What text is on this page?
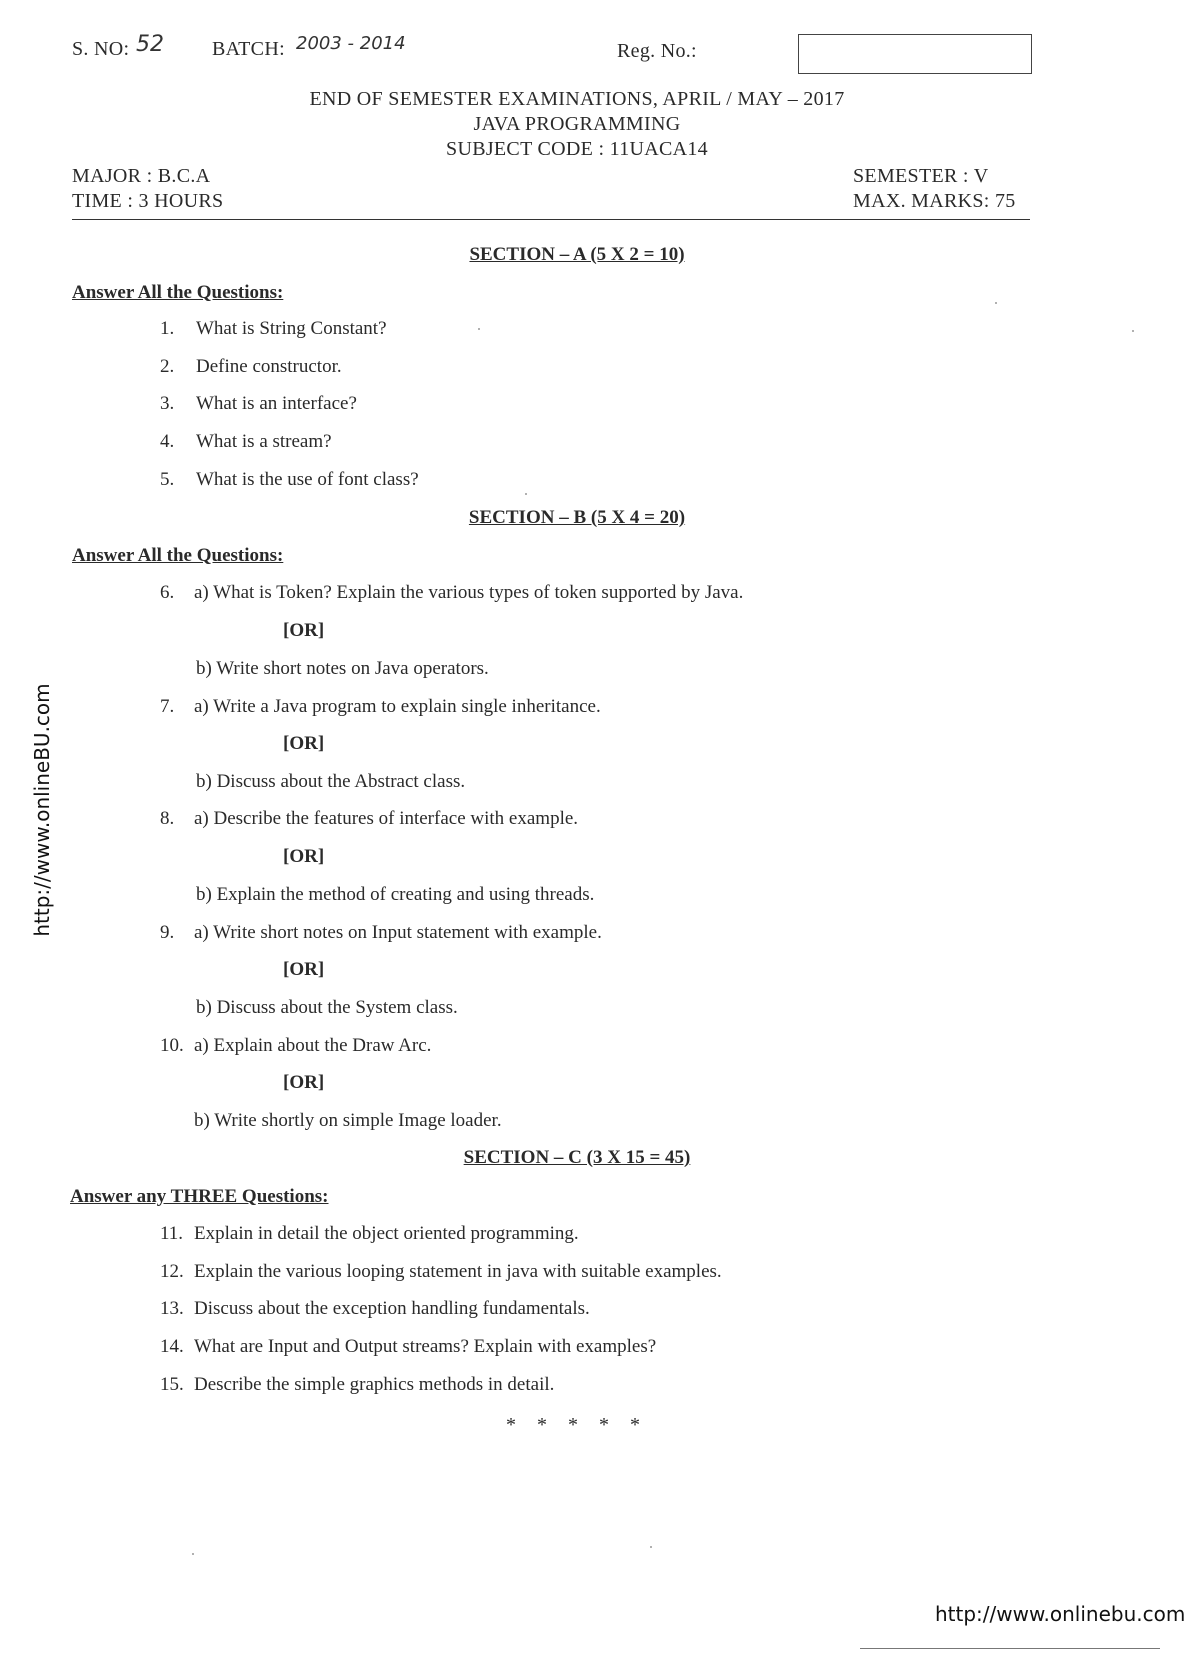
S. NO: 52 BATCH: 2003 - 2014	Reg. No.:
END OF SEMESTER EXAMINATIONS, APRIL / MAY – 2017
JAVA PROGRAMMING
SUBJECT CODE : 11UACA14
MAJOR : B.C.A
TIME : 3 HOURS
SEMESTER : V
MAX. MARKS: 75
SECTION – A (5 X 2 = 10)
Answer All the Questions:
1. What is String Constant?
2. Define constructor.
3. What is an interface?
4. What is a stream?
5. What is the use of font class?
SECTION – B (5 X 4 = 20)
Answer All the Questions:
6. a) What is Token? Explain the various types of token supported by Java.
[OR]
b) Write short notes on Java operators.
7. a) Write a Java program to explain single inheritance.
[OR]
b) Discuss about the Abstract class.
8. a) Describe the features of interface with example.
[OR]
b) Explain the method of creating and using threads.
9. a) Write short notes on Input statement with example.
[OR]
b) Discuss about the System class.
10. a) Explain about the Draw Arc.
[OR]
b) Write shortly on simple Image loader.
SECTION – C (3 X 15 = 45)
Answer any THREE Questions:
11. Explain in detail the object oriented programming.
12. Explain the various looping statement in java with suitable examples.
13. Discuss about the exception handling fundamentals.
14. What are Input and Output streams? Explain with examples?
15. Describe the simple graphics methods in detail.
* * * * *
http://www.onlineBU.com
http://www.onlinebu.com
